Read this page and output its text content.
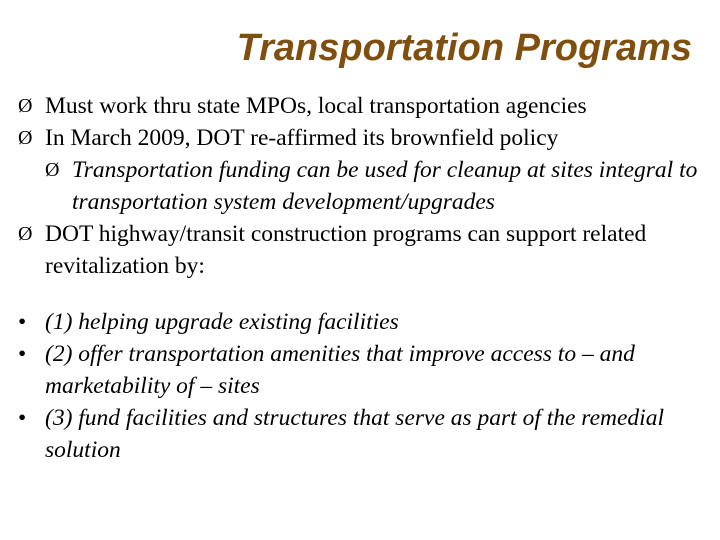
Transportation Programs
Ø Must work thru state MPOs, local transportation agencies
Ø In March 2009, DOT re-affirmed its brownfield policy
Ø Transportation funding can be used for cleanup at sites integral to transportation system development/upgrades
Ø DOT highway/transit construction programs can support related revitalization by:
• (1) helping upgrade existing facilities
• (2) offer transportation amenities that improve access to – and marketability of – sites
• (3) fund facilities and structures that serve as part of the remedial solution
